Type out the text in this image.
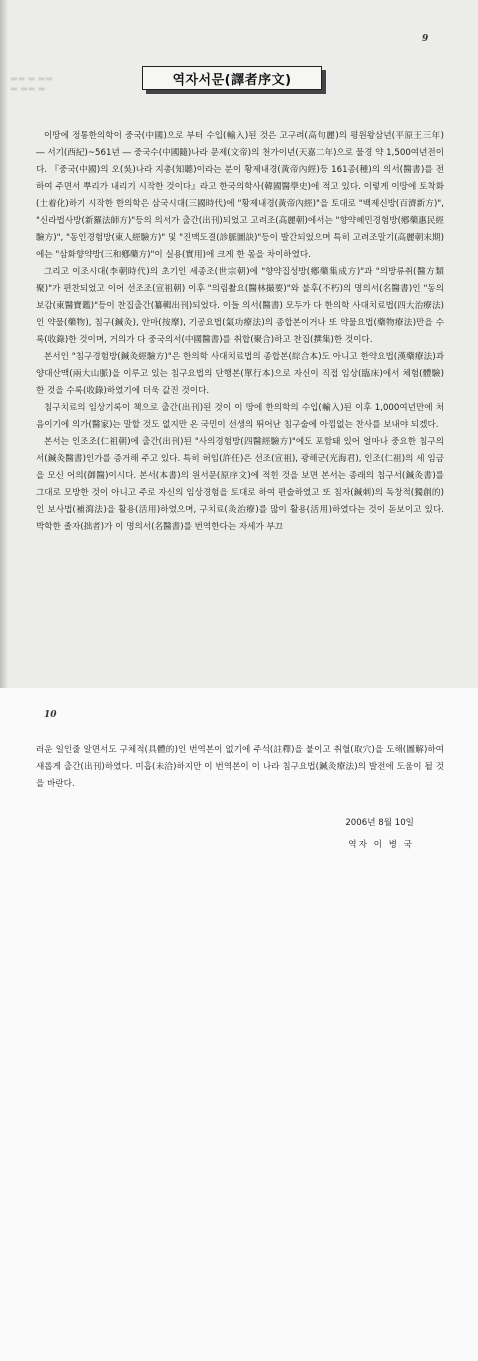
▬▬ ▬ ▬▬
▬ ▬▬ ▬
9
역자서문(譯者序文)

이땅에 정통한의학이 중국(中國)으로 부터 수입(輸入)된 것은 고구려(高句麗)의 평원왕삼년(平原王三年) ― 서기(西紀)~561년 ― 중국수(中國隨)나라 문제(文帝)의 천가이년(天嘉二年)으로 물경 약 1,500여년전이다. 『중국(中國)의 오(吳)나라 지총(知聽)이라는 분이 황제내경(黃帝內經)등 161종(種)의 의서(醫書)를 전하여 주면서 뿌리가 내리기 시작한 것이다』라고 한국의학사(韓國醫學史)에 적고 있다. 이렇게 이땅에 토착화(土着化)하기 시작한 한의학은 삼국시대(三國時代)에 "황제내경(黃帝內經)"을 토대로 "백제신방(百濟新方)", "신라법사방(新羅法師方)"등의 의서가 출간(出刊)되었고 고려조(高麗朝)에서는 "향약혜민경험방(鄕藥惠民經驗方)", "동인경험방(東人經驗方)" 및 "진맥도결(診脈圖訣)"등이 발간되었으며 특히 고려조말기(高麗朝末期)에는 "삼화향약방(三和鄕藥方)"이 실용(實用)에 크게 한 몫을 차이하였다.

그리고 이조시대(李朝時代)의 초기인 세종조(世宗朝)에 "향약집성방(鄕藥集成方)"과 "의방류취(醫方類聚)"가 편찬되었고 이어 선조조(宣祖朝) 이후 "의림촬요(醫林撮要)"와 불후(不朽)의 명의서(名醫書)인 "동의보감(東醫寶鑑)"등이 찬집출간(纂輯出刊)되었다. 이들 의서(醫書) 모두가 다 한의학 사대치료법(四大治療法)인 약물(藥物), 침구(鍼灸), 안마(按摩), 기공요법(氣功療法)의 종합본이거나 또 약물요법(藥物療法)만을 수록(收錄)한 것이며, 거의가 다 중국의서(中國醫書)를 취합(聚合)하고 찬집(撰集)한 것이다.

본서인 "침구경험방(鍼灸經驗方)"은 한의학 사대치료법의 종합본(綜合本)도 아니고 한약요법(漢藥療法)과 양대산맥(兩大山脈)을 이루고 있는 침구요법의 단행본(單行本)으로 자신이 직접 임상(臨床)에서 체험(體驗)한 것을 수록(收錄)하였기에 더욱 값진 것이다.

침구치료의 임상기록이 책으로 출간(出刊)된 것이 이 땅에 한의학의 수입(輸入)된 이후 1,000여년만에 처음이기에 의가(醫家)는 말할 것도 없지만 온 국민이 선생의 뛰어난 침구술에 아낌없는 찬사를 보내야 되겠다.

본서는 인조조(仁祖朝)에 출간(出刊)된 "사의경험방(四醫經驗方)"에도 포함돼 있어 얼마나 중요한 침구의서(鍼灸醫書)인가를 증거해 주고 있다. 특히 허임(許任)은 선조(宣祖), 광해군(光海君), 인조(仁祖)의 세 임금을 모신 어의(御醫)이시다. 본서(本書)의 원서문(原序文)에 적힌 것을 보면 본서는 종래의 침구서(鍼灸書)를 그대로 모방한 것이 아니고 주로 자신의 임상경험을 토대로 하여 편술하였고 또 침자(鍼刺)의 독창적(獨創的)인 보사법(補瀉法)을 활용(活用)하였으며, 구치료(灸治療)를 많이 활용(活用)하였다는 것이 돋보이고 있다. 박학한 졸자(拙者)가 이 명의서(名醫書)를 번역한다는 자세가 부끄

10

러운 일인줄 알면서도 구체적(具體的)인 번역본이 없기에 주석(註釋)을 붙이고 취혈(取穴)을 도해(圖解)하여 새롭게 출간(出刊)하였다. 미흡(未洽)하지만 이 번역본이 이 나라 침구요법(鍼灸療法)의 발전에 도움이 될 것을 바란다.

2006년 8월 10일
역자 이 병 국
